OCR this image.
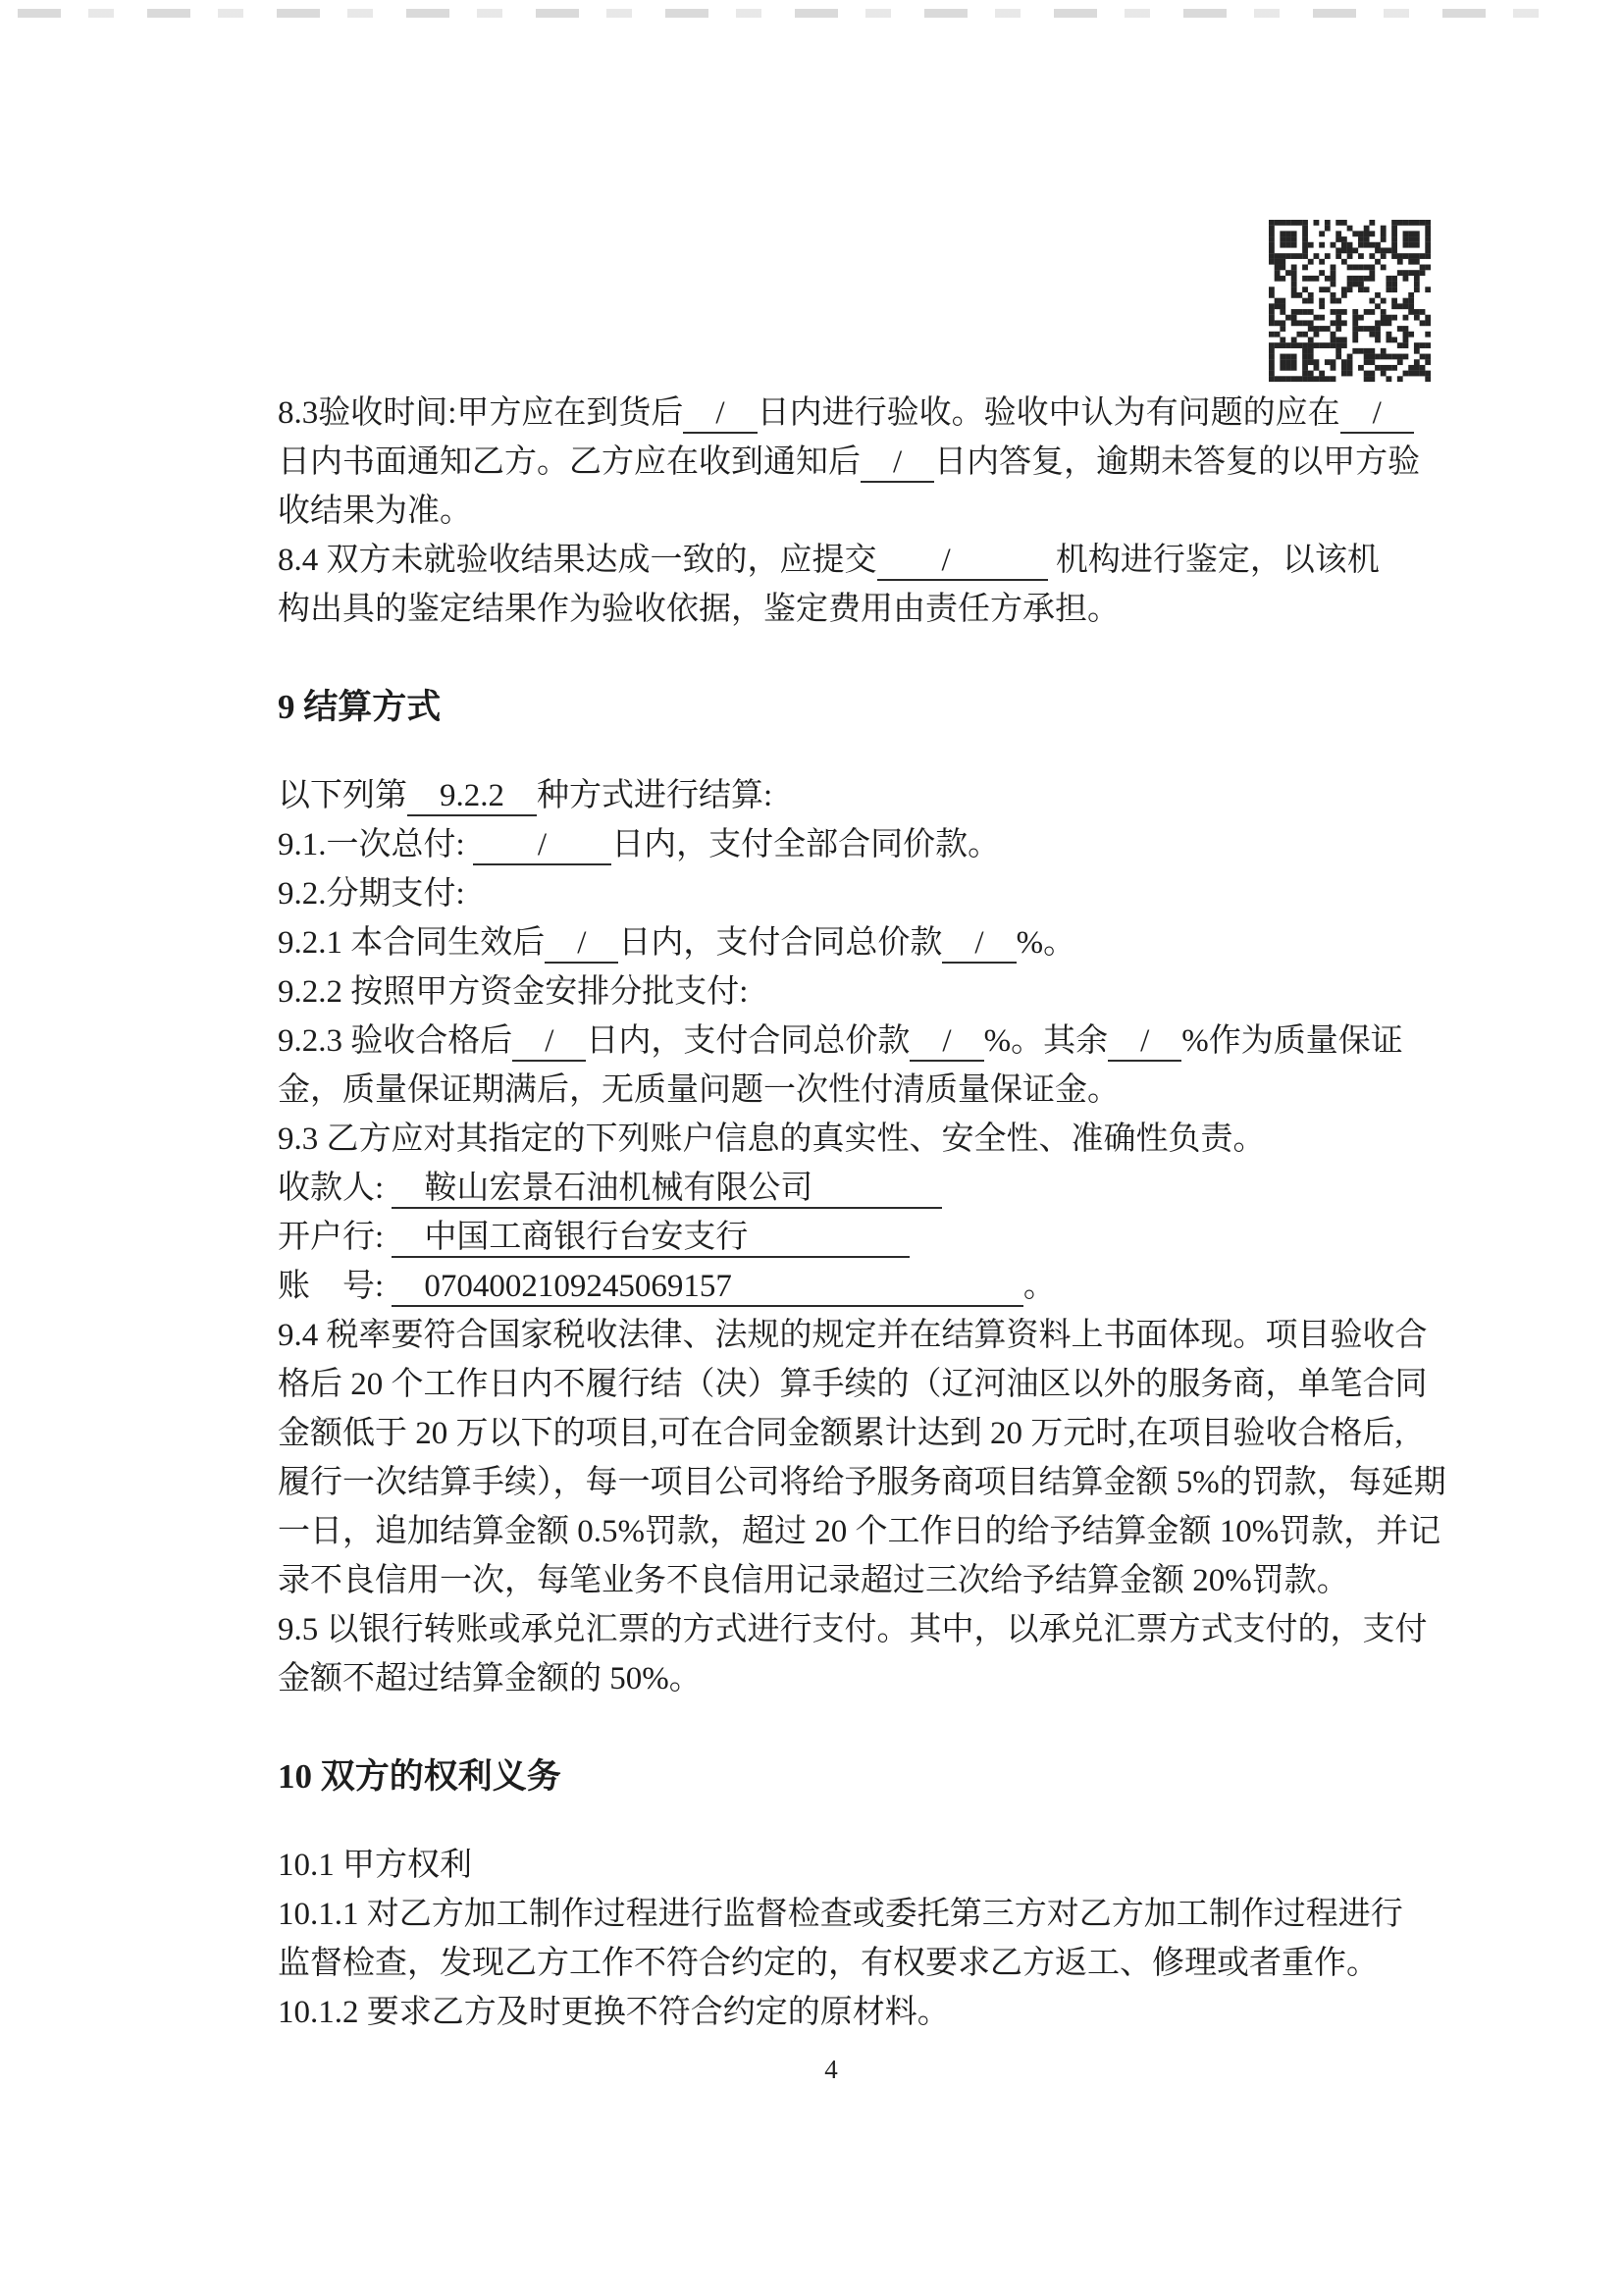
8.3验收时间:甲方应在到货后　/　日内进行验收。验收中认为有问题的应在　/　

日内书面通知乙方。乙方应在收到通知后　/　日内答复，逾期未答复的以甲方验

收结果为准。

8.4 双方未就验收结果达成一致的，应提交　　/　　　 机构进行鉴定，以该机

构出具的鉴定结果作为验收依据，鉴定费用由责任方承担。

9 结算方式

以下列第　9.2.2　种方式进行结算:

9.1.一次总付: 　　/　　日内，支付全部合同价款。

9.2.分期支付:

9.2.1 本合同生效后　/　日内，支付合同总价款　/　%。

9.2.2 按照甲方资金安排分批支付:

9.2.3 验收合格后　/　日内，支付合同总价款　/　%。其余　/　%作为质量保证

金，质量保证期满后，无质量问题一次性付清质量保证金。

9.3 乙方应对其指定的下列账户信息的真实性、安全性、准确性负责。

收款人: 　鞍山宏景石油机械有限公司　　　　

开户行: 　中国工商银行台安支行　　　　　

账　号: 　0704002109245069157　　　　　　　　　。

9.4 税率要符合国家税收法律、法规的规定并在结算资料上书面体现。项目验收合

格后 20 个工作日内不履行结（决）算手续的（辽河油区以外的服务商，单笔合同

金额低于 20 万以下的项目,可在合同金额累计达到 20 万元时,在项目验收合格后,

履行一次结算手续），每一项目公司将给予服务商项目结算金额 5%的罚款，每延期

一日，追加结算金额 0.5%罚款，超过 20 个工作日的给予结算金额 10%罚款，并记

录不良信用一次，每笔业务不良信用记录超过三次给予结算金额 20%罚款。

9.5 以银行转账或承兑汇票的方式进行支付。其中，以承兑汇票方式支付的，支付

金额不超过结算金额的 50%。

10 双方的权利义务

10.1 甲方权利

10.1.1 对乙方加工制作过程进行监督检查或委托第三方对乙方加工制作过程进行

监督检查，发现乙方工作不符合约定的，有权要求乙方返工、修理或者重作。

10.1.2 要求乙方及时更换不符合约定的原材料。

4
